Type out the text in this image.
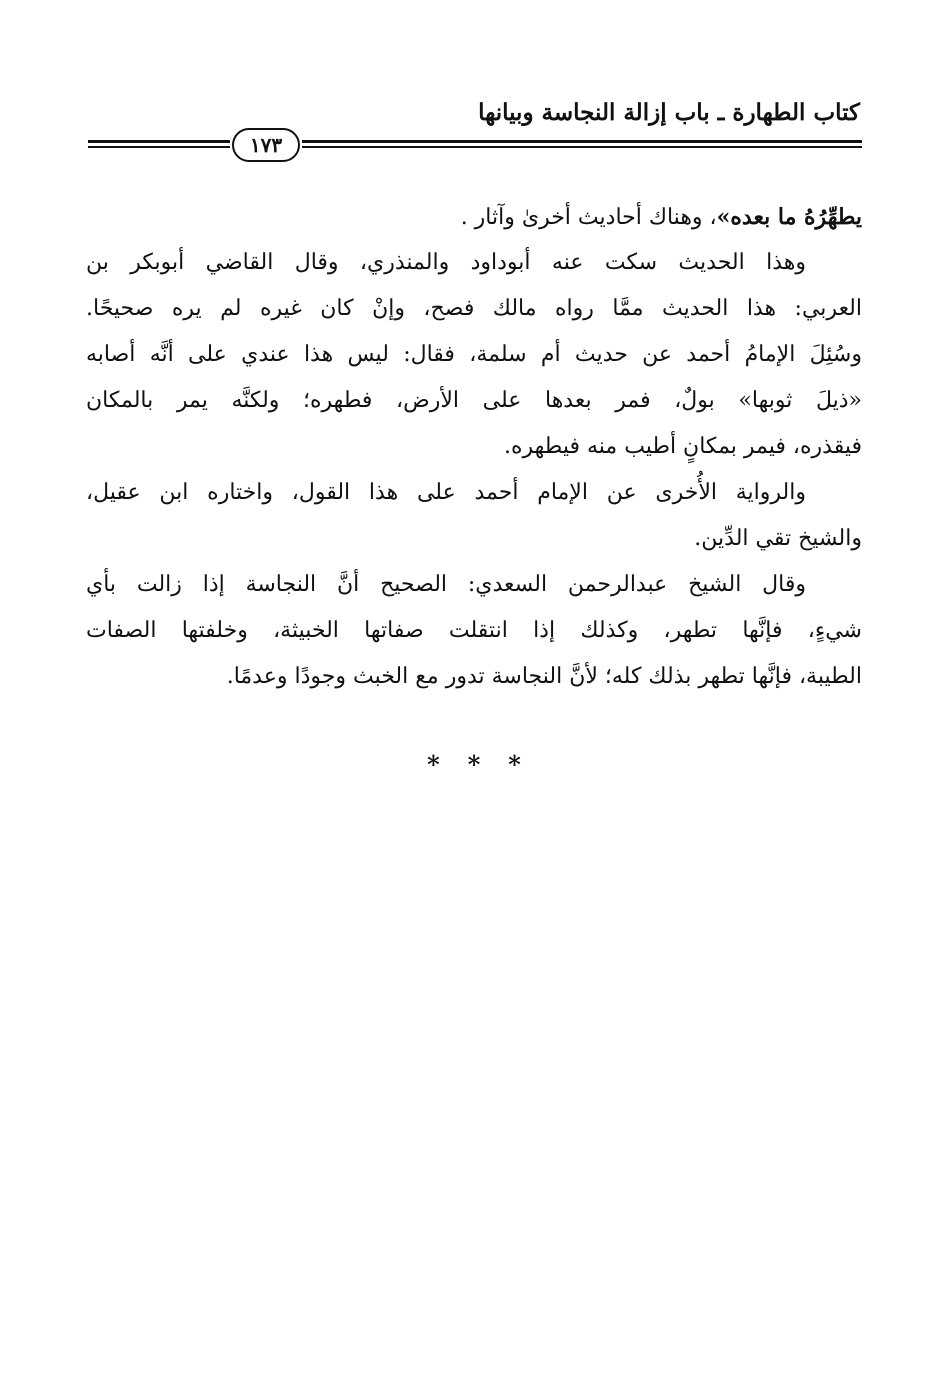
كتاب الطهارة ـ باب إزالة النجاسة وبيانها
١٧٣
يطهِّرُهُ ما بعده»، وهناك أحاديث أخرىٰ وآثار .
وهذا الحديث سكت عنه أبوداود والمنذري، وقال القاضي أبوبكر بن
العربي: هذا الحديث ممَّا رواه مالك فصح، وإنْ كان غيره لم يره صحيحًا.
وسُئِلَ الإمامُ أحمد عن حديث أم سلمة، فقال: ليس هذا عندي على أنَّه أصابه
«ذيلَ ثوبها» بولٌ، فمر بعدها على الأرض، فطهره؛ ولكنَّه يمر بالمكان
فيقذره، فيمر بمكانٍ أطيب منه فيطهره.
والرواية الأُخرى عن الإمام أحمد على هذا القول، واختاره ابن عقيل،
والشيخ تقي الدِّين.
وقال الشيخ عبدالرحمن السعدي: الصحيح أنَّ النجاسة إذا زالت بأي
شيءٍ، فإنَّها تطهر، وكذلك إذا انتقلت صفاتها الخبيثة، وخلفتها الصفات
الطيبة، فإنَّها تطهر بذلك كله؛ لأنَّ النجاسة تدور مع الخبث وجودًا وعدمًا.
***
